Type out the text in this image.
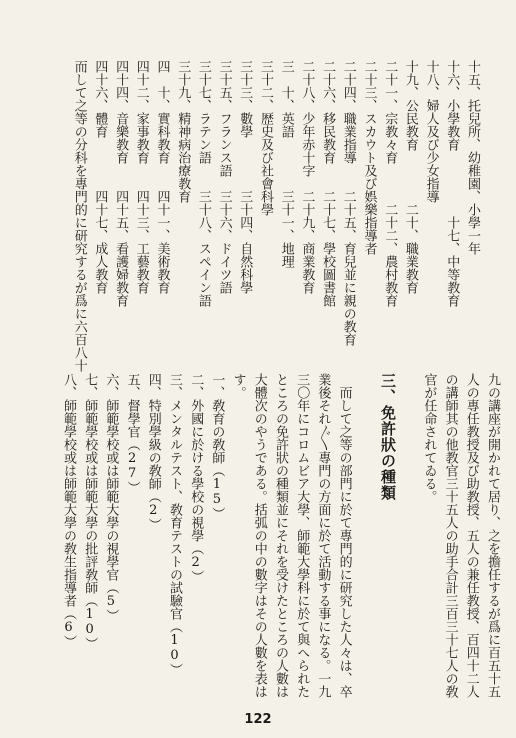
十五、托兒所、幼稚園、小學一年
十六、小學教育　　　　　十七、中等教育
十八、婦人及び少女指導
十九、公民教育　　　　二十、職業教育
二十一、宗教々育　　　二十二、農村教育
二十三、スカウト及び娯樂指導者
二十四、職業指導　　二十五、育兒並に親の教育
二十六、移民教育　　二十七、學校圖書館
二十八、少年赤十字　二十九、商業教育
三　十、英語　　　　三十一、地理
三十二、歴史及び社會科學
三十三、數學　　　　三十四、自然科學
三十五、フランス語　三十六、ドイツ語
三十七、ラテン語　　三十八、スペイン語
三十九、精神病治療教育
四　十、實科教育　　四十一、美術教育
四十二、家事教育　　四十三、工藝教育
四十四、音樂教育　　四十五、看護婦教育
四十六、體育　　　　四十七、成人教育
而して之等の分科を專門的に研究するが爲に六百八十
九の講座が開かれて居り、之を擔任するが爲に百五十五
人の專任教授及び助教授、五人の兼任教授、百四十二人
の講師其の他教官三十五人の助手合計三百三十七人の敎
官が任命されてゐる。
三、免許狀の種類
　而して之等の部門に於て專門的に研究した人々は、卒
業後それ〴〵專門の方面に於て活動する事になる。一九
三〇年にコロムビア大學、師範大學科に於て與へられた
ところの免許狀の種類並にそれを受けたところの人數は
大體次のやうである。括弧の中の數字はその人數を表は
す。
一、敎育の敎師（15）
二、外國に於ける學校の視學（2）
三、メンタルテスト、敎育テストの試驗官（10）
四、特別學級の敎師（2）
五、督學官（27）
六、師範學校或は師範大學の視學官（5）
七、師範學校或は師範大學の批評敎師（10）
八、師範學校或は師範大學の敎生指導者（6）
122
